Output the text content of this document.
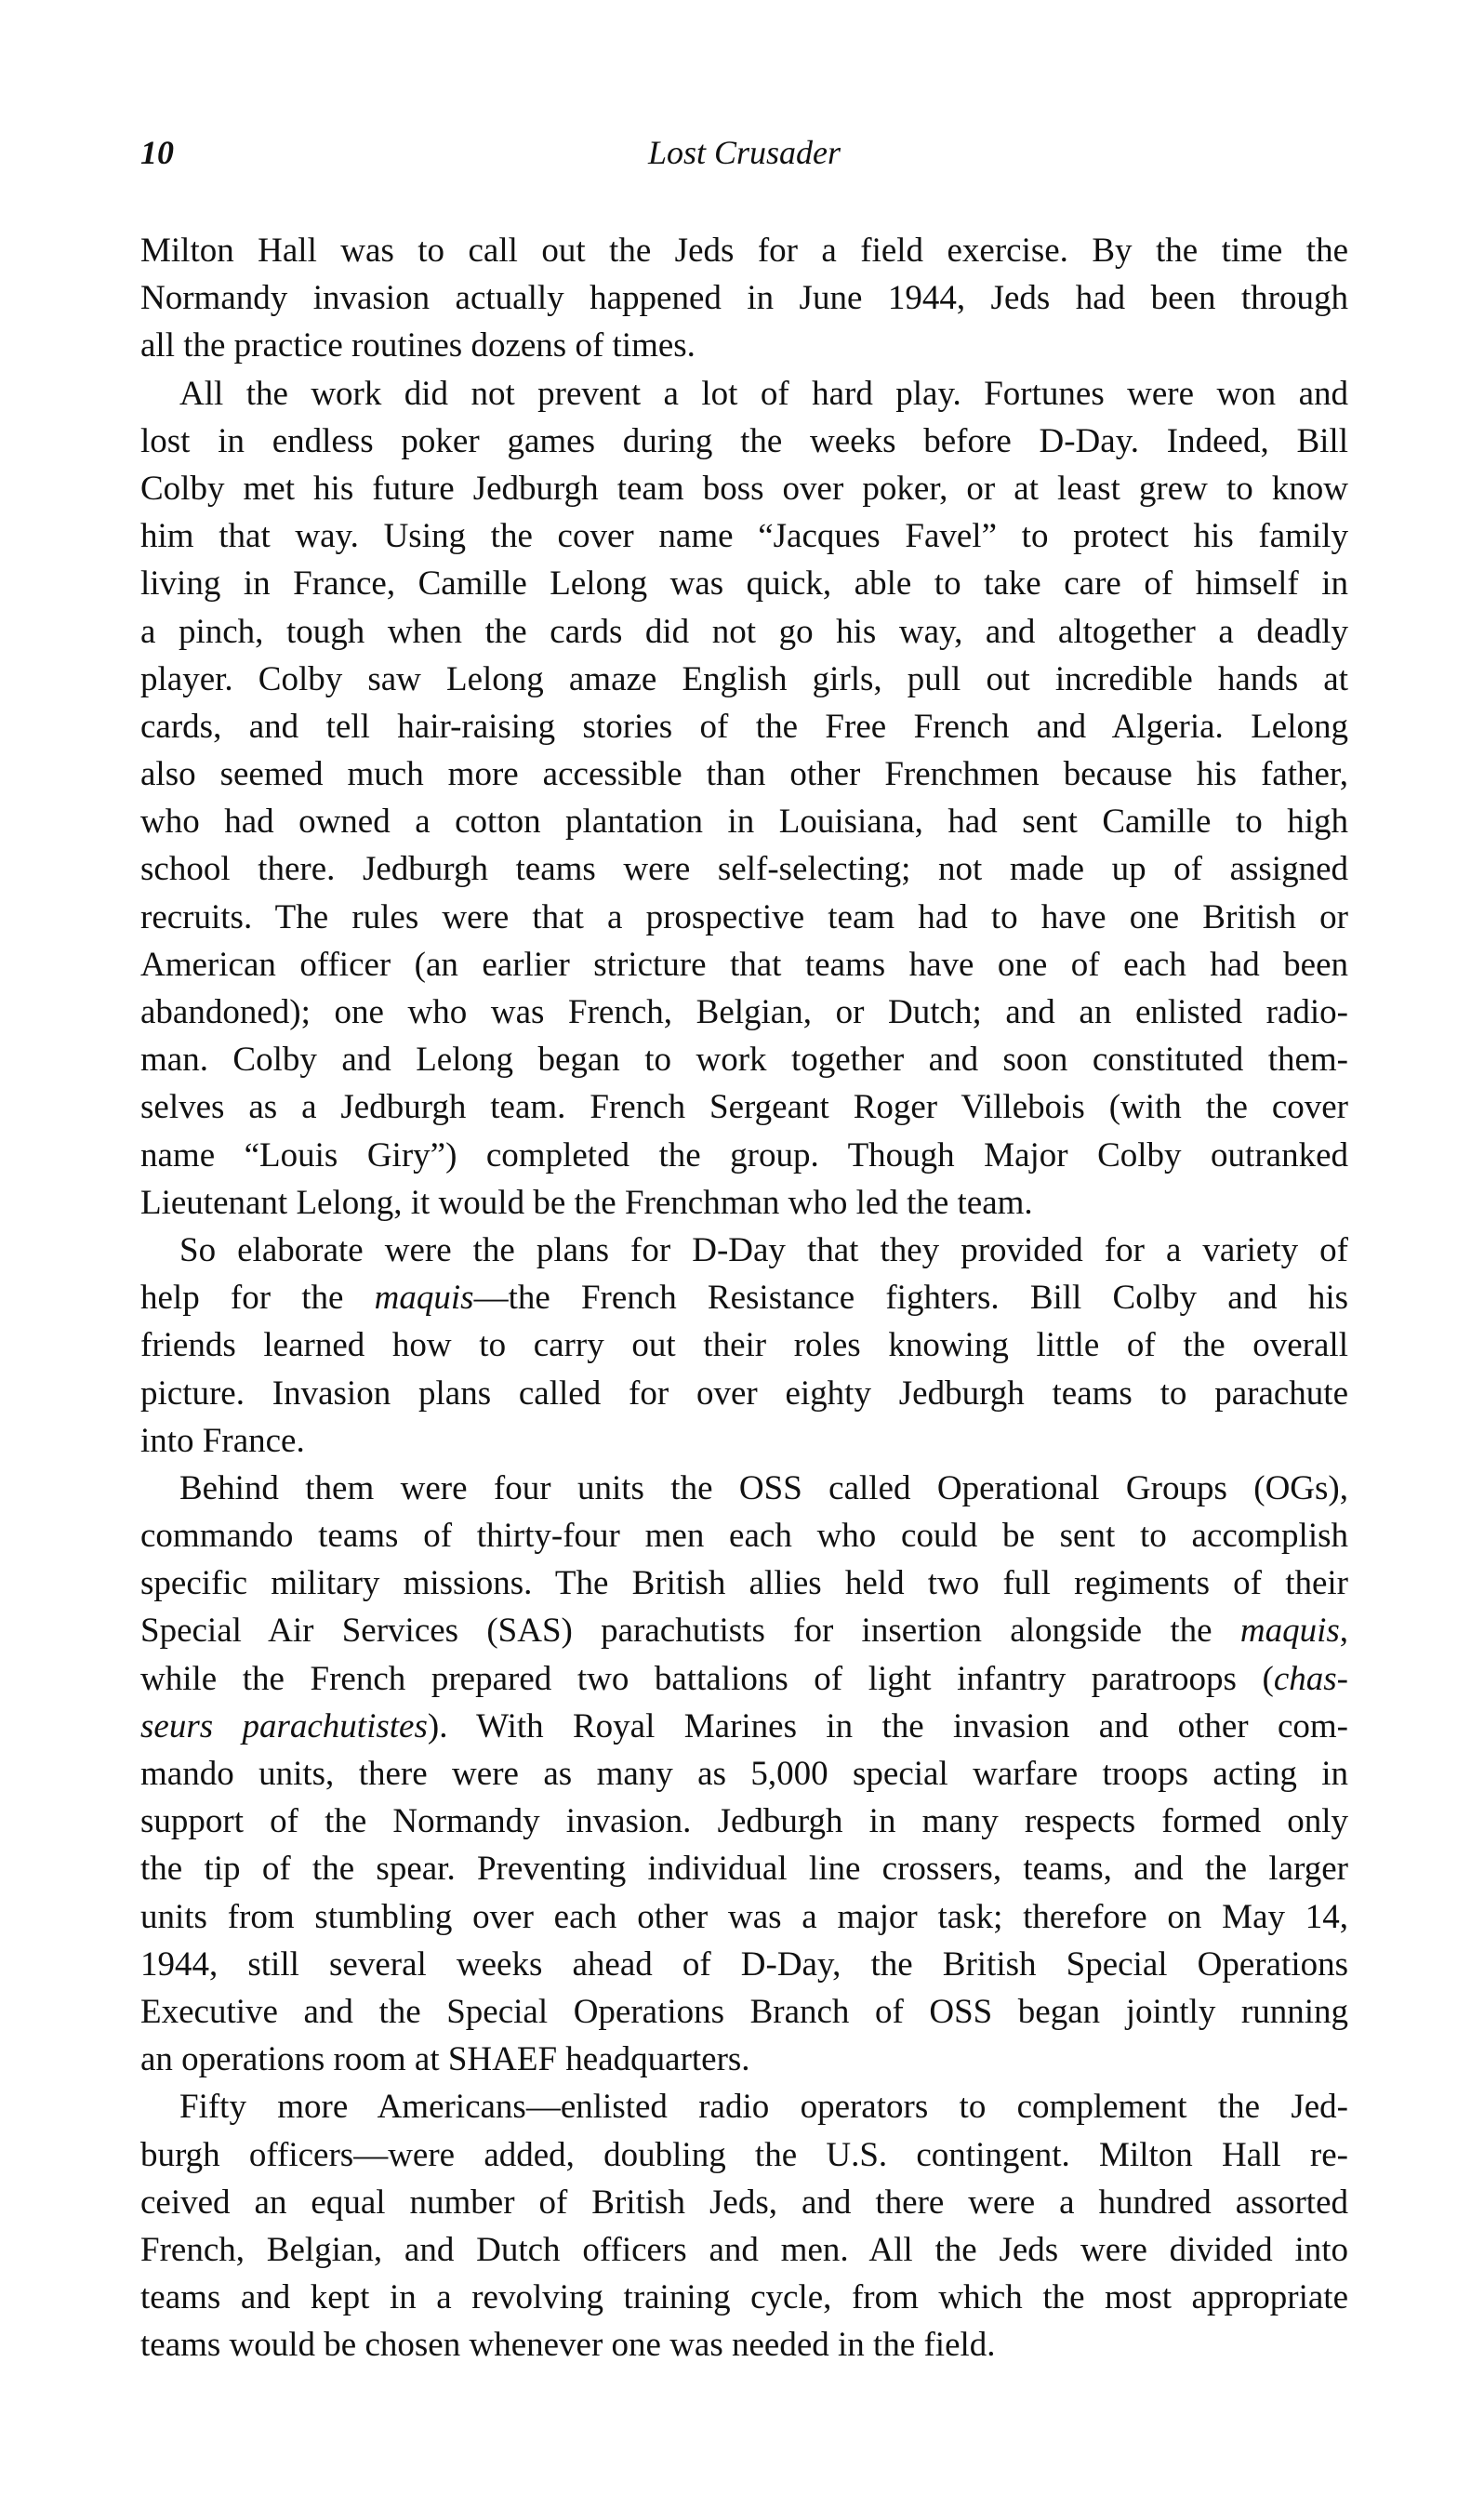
10	Lost Crusader
Milton Hall was to call out the Jeds for a field exercise. By the time the
Normandy invasion actually happened in June 1944, Jeds had been through
all the practice routines dozens of times.
All the work did not prevent a lot of hard play. Fortunes were won and
lost in endless poker games during the weeks before D-Day. Indeed, Bill
Colby met his future Jedburgh team boss over poker, or at least grew to know
him that way. Using the cover name “Jacques Favel” to protect his family
living in France, Camille Lelong was quick, able to take care of himself in
a pinch, tough when the cards did not go his way, and altogether a deadly
player. Colby saw Lelong amaze English girls, pull out incredible hands at
cards, and tell hair-raising stories of the Free French and Algeria. Lelong
also seemed much more accessible than other Frenchmen because his father,
who had owned a cotton plantation in Louisiana, had sent Camille to high
school there. Jedburgh teams were self-selecting; not made up of assigned
recruits. The rules were that a prospective team had to have one British or
American officer (an earlier stricture that teams have one of each had been
abandoned); one who was French, Belgian, or Dutch; and an enlisted radio-
man. Colby and Lelong began to work together and soon constituted them-
selves as a Jedburgh team. French Sergeant Roger Villebois (with the cover
name “Louis Giry”) completed the group. Though Major Colby outranked
Lieutenant Lelong, it would be the Frenchman who led the team.
So elaborate were the plans for D-Day that they provided for a variety of
help for the maquis—the French Resistance fighters. Bill Colby and his
friends learned how to carry out their roles knowing little of the overall
picture. Invasion plans called for over eighty Jedburgh teams to parachute
into France.
Behind them were four units the OSS called Operational Groups (OGs),
commando teams of thirty-four men each who could be sent to accomplish
specific military missions. The British allies held two full regiments of their
Special Air Services (SAS) parachutists for insertion alongside the maquis,
while the French prepared two battalions of light infantry paratroops (chas-
seurs parachutistes). With Royal Marines in the invasion and other com-
mando units, there were as many as 5,000 special warfare troops acting in
support of the Normandy invasion. Jedburgh in many respects formed only
the tip of the spear. Preventing individual line crossers, teams, and the larger
units from stumbling over each other was a major task; therefore on May 14,
1944, still several weeks ahead of D-Day, the British Special Operations
Executive and the Special Operations Branch of OSS began jointly running
an operations room at SHAEF headquarters.
Fifty more Americans—enlisted radio operators to complement the Jed-
burgh officers—were added, doubling the U.S. contingent. Milton Hall re-
ceived an equal number of British Jeds, and there were a hundred assorted
French, Belgian, and Dutch officers and men. All the Jeds were divided into
teams and kept in a revolving training cycle, from which the most appropriate
teams would be chosen whenever one was needed in the field.
